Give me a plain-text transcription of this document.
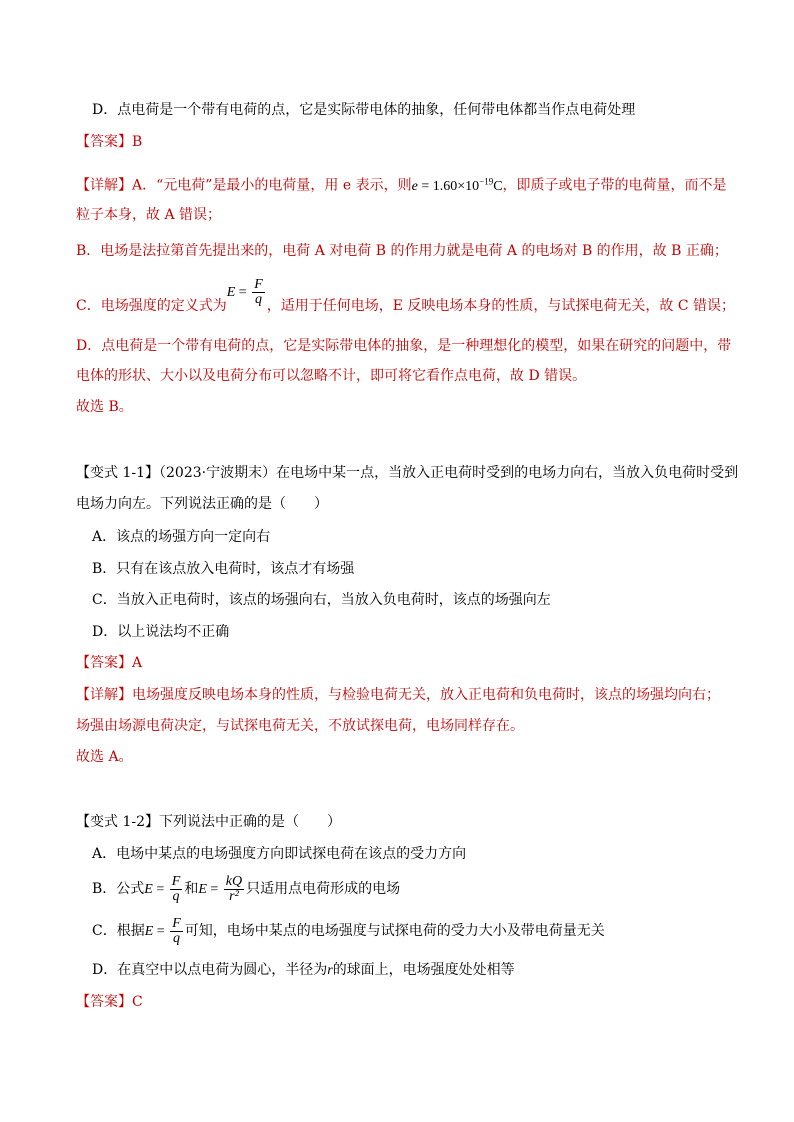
D．点电荷是一个带有电荷的点，它是实际带电体的抽象，任何带电体都当作点电荷处理
【答案】B
【详解】A．“元电荷”是最小的电荷量，用 e 表示，则$e = 1.60\times 10^{-19}C$，即质子或电子带的电荷量，而不是
粒子本身，故 A 错误；
B．电场是法拉第首先提出来的，电荷 A 对电荷 B 的作用力就是电荷 A 的电场对 B 的作用，故 B 正确；
C．电场强度的定义式为$E = \frac{F}{q}$ ，适用于任何电场，E 反映电场本身的性质，与试探电荷无关，故 C 错误；
D．点电荷是一个带有电荷的点，它是实际带电体的抽象，是一种理想化的模型，如果在研究的问题中，带
电体的形状、大小以及电荷分布可以忽略不计，即可将它看作点电荷，故 D 错误。
故选 B。
【变式 1-1】（2023·宁波期末）在电场中某一点，当放入正电荷时受到的电场力向右，当放入负电荷时受到
电场力向左。下列说法正确的是（　　）
A．该点的场强方向一定向右
B．只有在该点放入电荷时，该点才有场强
C．当放入正电荷时，该点的场强向右，当放入负电荷时，该点的场强向左
D．以上说法均不正确
【答案】A
【详解】电场强度反映电场本身的性质，与检验电荷无关，放入正电荷和负电荷时，该点的场强均向右；
场强由场源电荷决定，与试探电荷无关，不放试探电荷，电场同样存在。
故选 A。
【变式 1-2】下列说法中正确的是（　　）
A．电场中某点的电场强度方向即试探电荷在该点的受力方向
B．公式$E = \frac{F}{q}$ 和$E = \frac{kQ}{\text{r²}}$ 只适用点电荷形成的电场
C．根据$E = \frac{F}{q}$ 可知，电场中某点的电场强度与试探电荷的受力大小及带电荷量无关
D．在真空中以点电荷为圆心，半径为r的球面上，电场强度处处相等
【答案】C
